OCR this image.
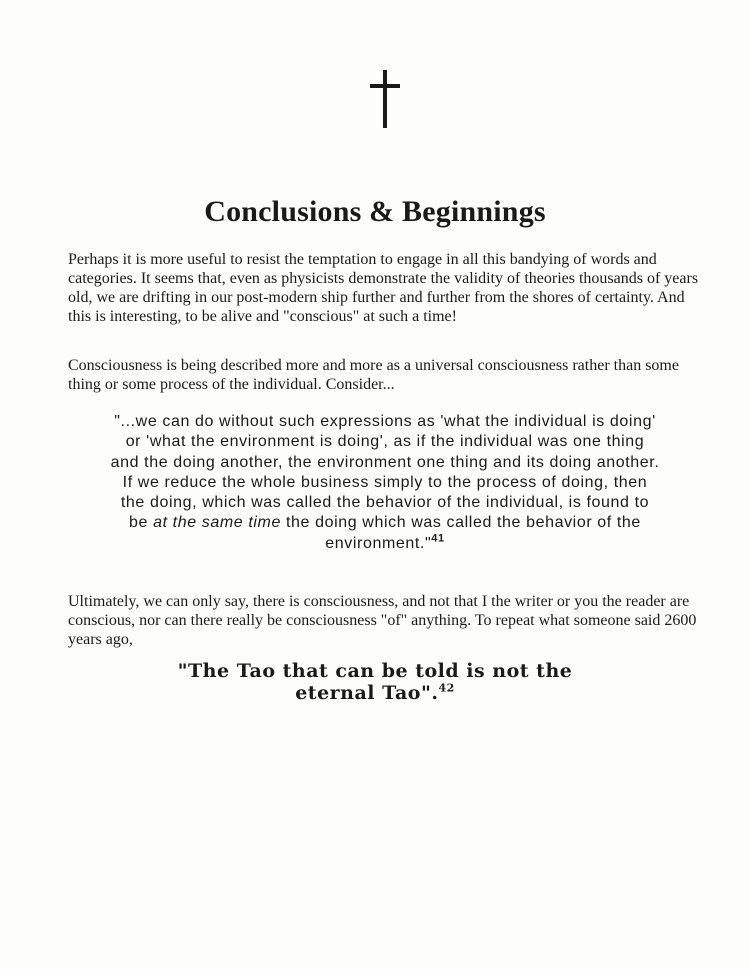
Conclusions & Beginnings

Perhaps it is more useful to resist the temptation to engage in all this bandying of words and categories. It seems that, even as physicists demonstrate the validity of theories thousands of years old, we are drifting in our post-modern ship further and further from the shores of certainty. And this is interesting, to be alive and "conscious" at such a time!

Consciousness is being described more and more as a universal consciousness rather than some thing or some process of the individual. Consider...

"...we can do without such expressions as 'what the individual is doing' or 'what the environment is doing', as if the individual was one thing and the doing another, the environment one thing and its doing another. If we reduce the whole business simply to the process of doing, then the doing, which was called the behavior of the individual, is found to be at the same time the doing which was called the behavior of the environment."$^{41}$

Ultimately, we can only say, there is consciousness, and not that I the writer or you the reader are conscious, nor can there really be consciousness "of" anything. To repeat what someone said 2600 years ago,

"The Tao that can be told is not the
eternal Tao".$^{42}$
